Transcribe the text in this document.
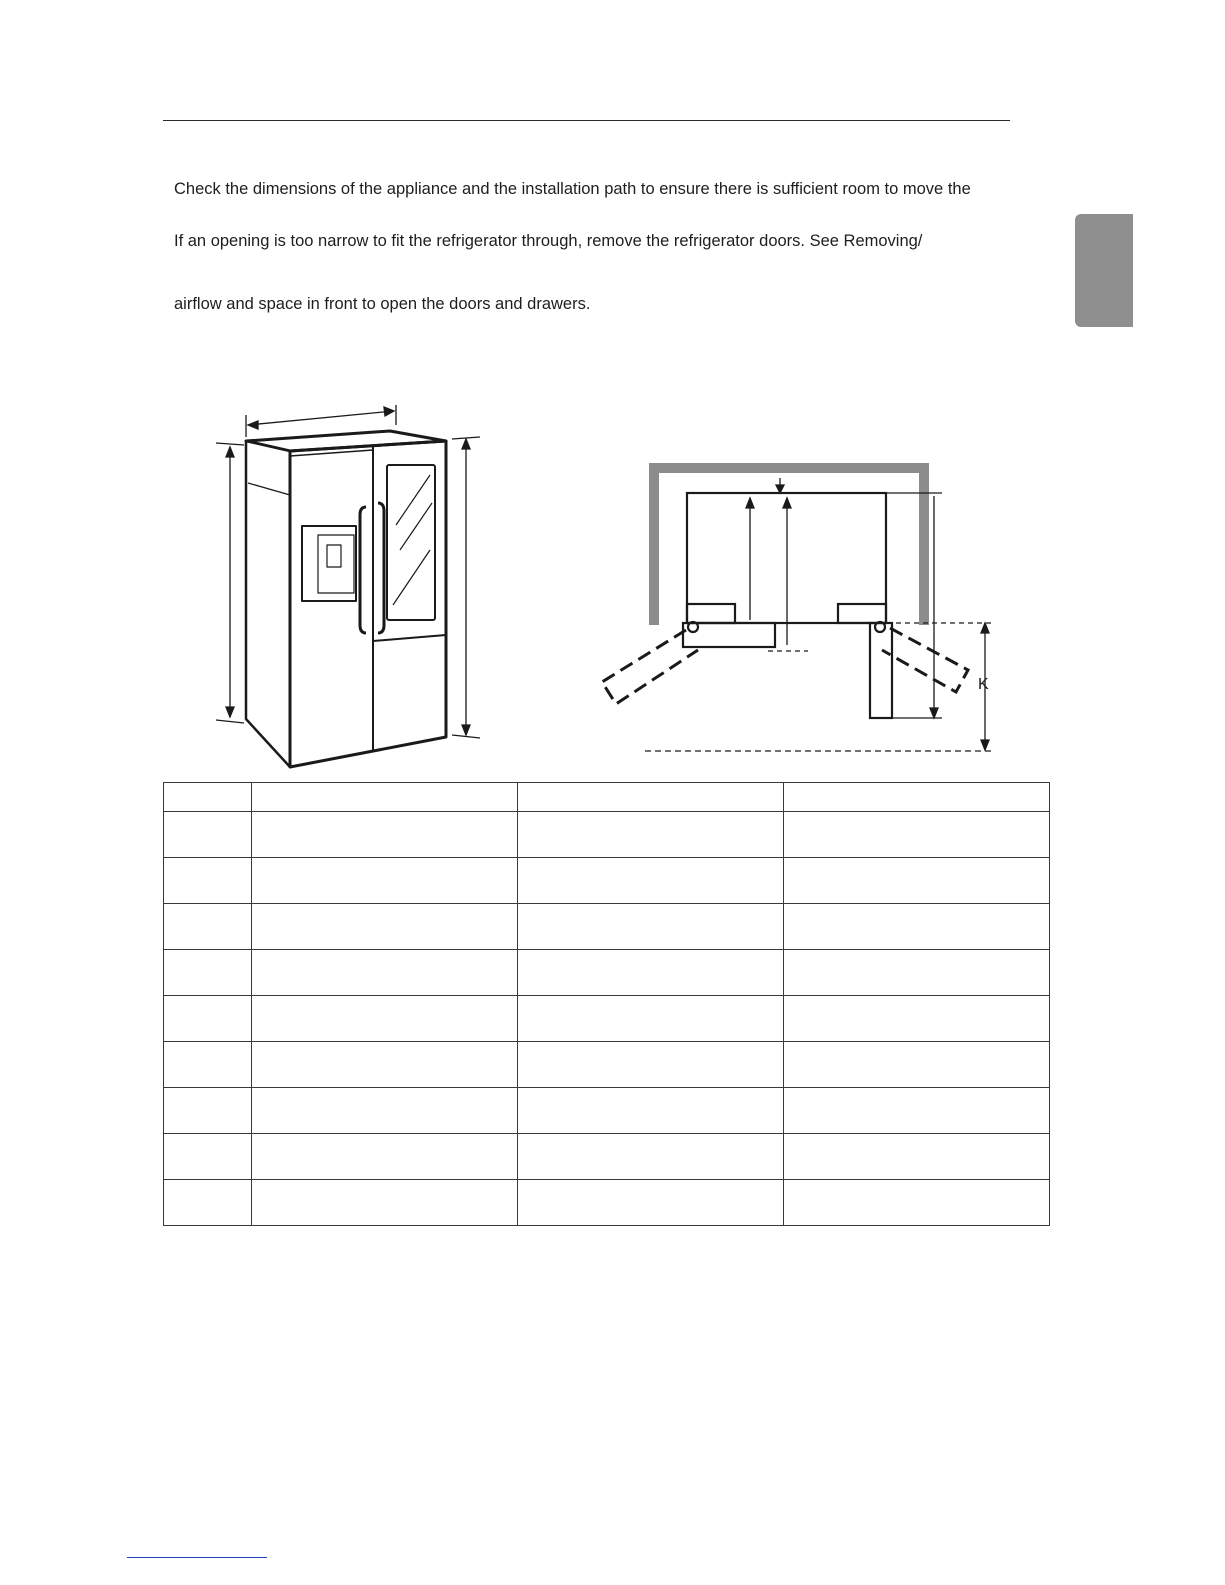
Check the dimensions of the appliance and the installation path to ensure there is sufficient room to move the
If an opening is too narrow to fit the refrigerator through, remove the refrigerator doors. See Removing/
airflow and space in front to open the doors and drawers.
K
